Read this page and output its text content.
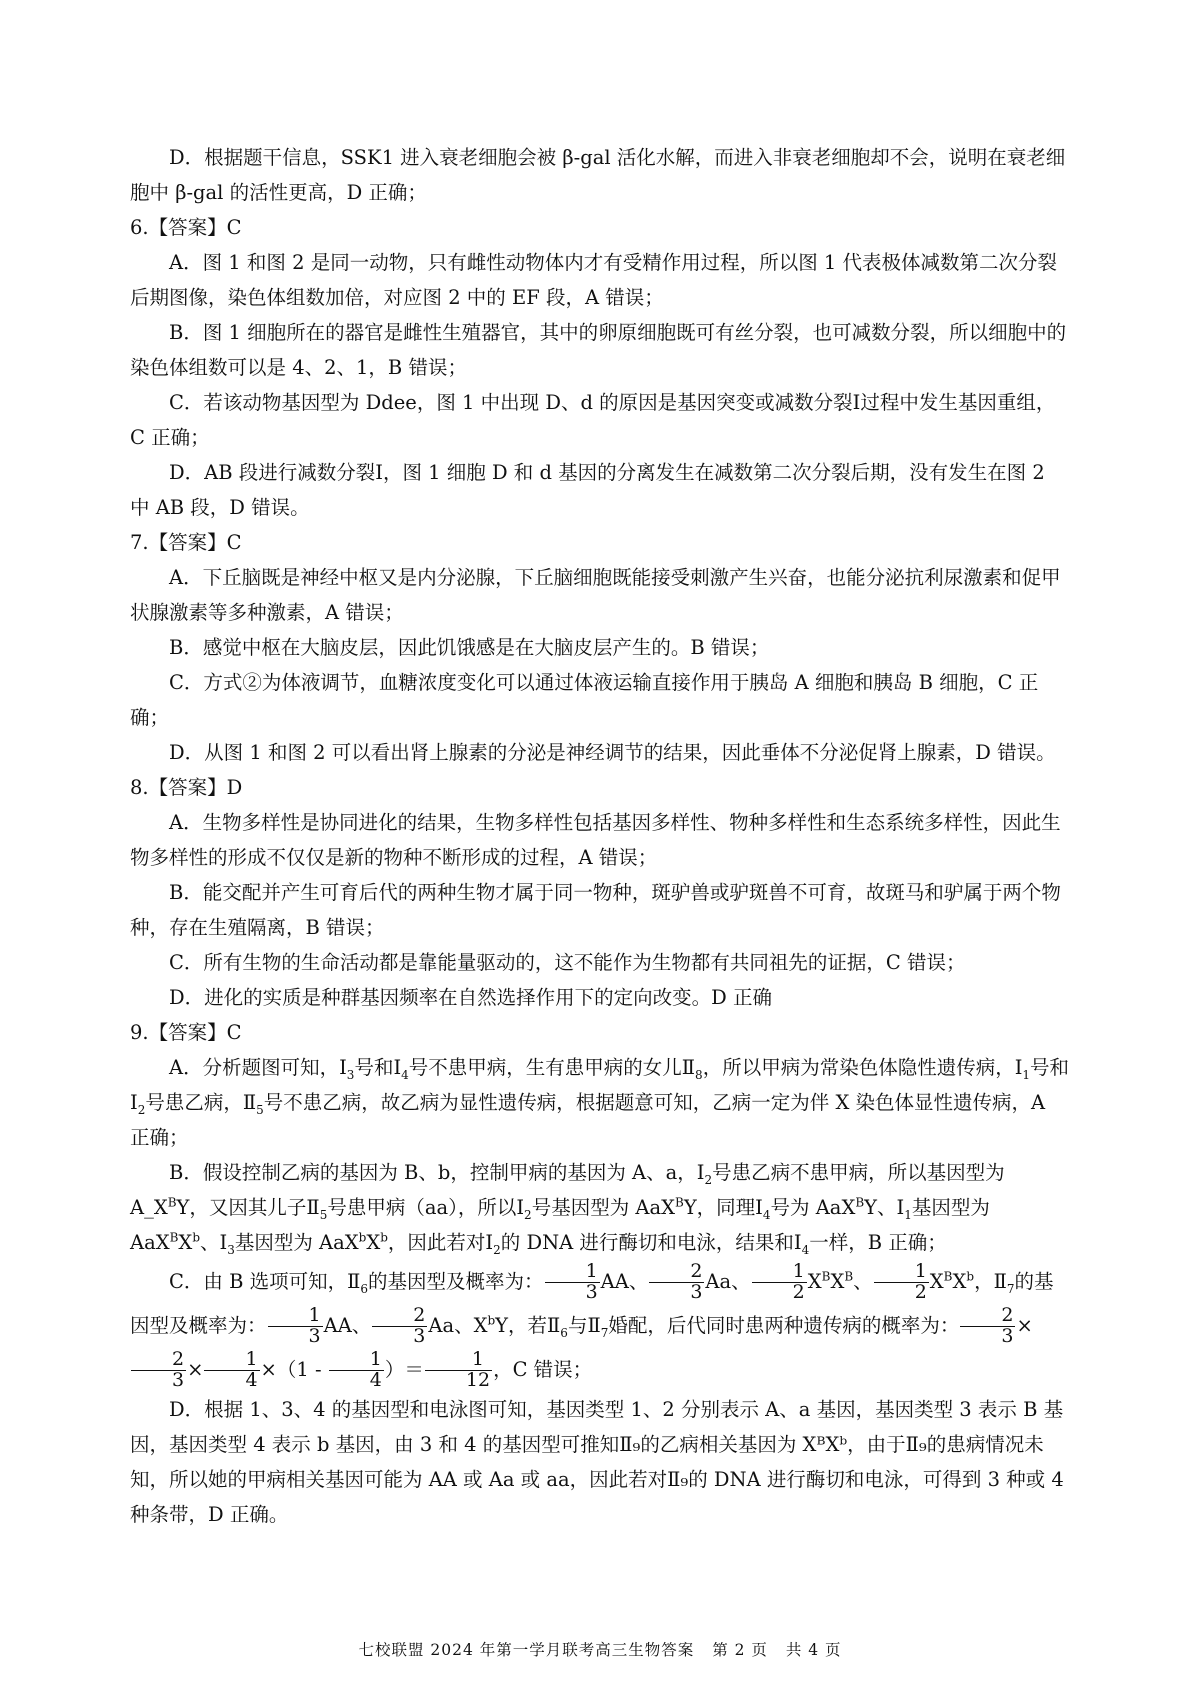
D．根据题干信息，SSK1 进入衰老细胞会被 β-gal 活化水解，而进入非衰老细胞却不会，说明在衰老细胞中 β-gal 的活性更高，D 正确；

6.【答案】C

A．图 1 和图 2 是同一动物，只有雌性动物体内才有受精作用过程，所以图 1 代表极体减数第二次分裂后期图像，染色体组数加倍，对应图 2 中的 EF 段，A 错误；

B．图 1 细胞所在的器官是雌性生殖器官，其中的卵原细胞既可有丝分裂，也可减数分裂，所以细胞中的染色体组数可以是 4、2、1，B 错误；

C．若该动物基因型为 Ddee，图 1 中出现 D、d 的原因是基因突变或减数分裂Ⅰ过程中发生基因重组，C 正确；

D．AB 段进行减数分裂Ⅰ，图 1 细胞 D 和 d 基因的分离发生在减数第二次分裂后期，没有发生在图 2 中 AB 段，D 错误。

7.【答案】C

A．下丘脑既是神经中枢又是内分泌腺，下丘脑细胞既能接受刺激产生兴奋，也能分泌抗利尿激素和促甲状腺激素等多种激素，A 错误；

B．感觉中枢在大脑皮层，因此饥饿感是在大脑皮层产生的。B 错误；

C．方式②为体液调节，血糖浓度变化可以通过体液运输直接作用于胰岛 A 细胞和胰岛 B 细胞，C 正确；

D．从图 1 和图 2 可以看出肾上腺素的分泌是神经调节的结果，因此垂体不分泌促肾上腺素，D 错误。

8.【答案】D

A．生物多样性是协同进化的结果，生物多样性包括基因多样性、物种多样性和生态系统多样性，因此生物多样性的形成不仅仅是新的物种不断形成的过程，A 错误；

B．能交配并产生可育后代的两种生物才属于同一物种，斑驴兽或驴斑兽不可育，故斑马和驴属于两个物种，存在生殖隔离，B 错误；

C．所有生物的生命活动都是靠能量驱动的，这不能作为生物都有共同祖先的证据，C 错误；

D．进化的实质是种群基因频率在自然选择作用下的定向改变。D 正确

9.【答案】C

A．分析题图可知，$Ⅰ_3$号和$Ⅰ_4$号不患甲病，生有患甲病的女儿$Ⅱ_8$，所以甲病为常染色体隐性遗传病，$Ⅰ_1$号和$Ⅰ_2$号患乙病，$Ⅱ_5$号不患乙病，故乙病为显性遗传病，根据题意可知，乙病一定为伴 X 染色体显性遗传病，A 正确；

B．假设控制乙病的基因为 B、b，控制甲病的基因为 A、a，$Ⅰ_2$号患乙病不患甲病，所以基因型为 $A\_X^BY$，又因其儿子$Ⅱ_5$号患甲病（aa），所以$Ⅰ_2$号基因型为 AaX$^B$Y，同理$Ⅰ_4$号为 AaX$^B$Y、$Ⅰ_1$基因型为 $AaX^BX^b$、$Ⅰ_3$基因型为 $AaX^bX^b$，因此若对$Ⅰ_2$的 DNA 进行酶切和电泳，结果和$Ⅰ_4$一样，B 正确；

C．由 B 选项可知，$Ⅱ_6$的基因型及概率为： $\frac{1}{3}$ AA、 $\frac{2}{3}$ Aa、 $\frac{1}{2} X^BX^B$、 $\frac{1}{2} X^BX^b$，$Ⅱ_7$的基因型及概率为： $\frac{1}{3}$ AA、 $\frac{2}{3}$ Aa、$X^bY$，若$Ⅱ_6$与$Ⅱ_7$婚配，后代同时患两种遗传病的概率为： $\frac{2}{3}$ ×
$\frac{2}{3} \times \frac{1}{4} \times(1 - \frac{1}{4}$ ）＝ $\frac{1}{12}$ ，C 错误；

D．根据 1、3、4 的基因型和电泳图可知，基因类型 1、2 分别表示 A、a 基因，基因类型 3 表示 B 基因，基因类型 4 表示 b 基因，由 3 和 4 的基因型可推知Ⅱ₉的乙病相关基因为 XᴮXᵇ，由于Ⅱ₉的患病情况未知，所以她的甲病相关基因可能为 AA 或 Aa 或 aa，因此若对Ⅱ₉的 DNA 进行酶切和电泳，可得到 3 种或 4 种条带，D 正确。

七校联盟 2024 年第一学月联考高三生物答案 第 2 页 共 4 页
